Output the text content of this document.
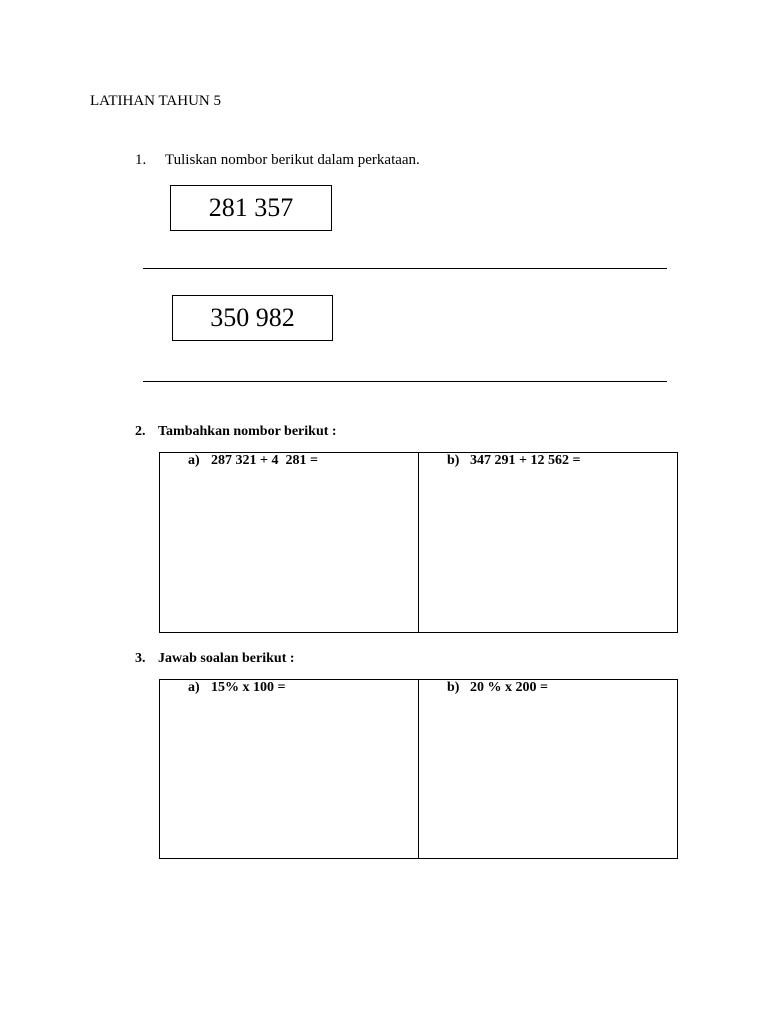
LATIHAN TAHUN 5
1. Tuliskan nombor berikut dalam perkataan.
281 357
350 982
2. Tambahkan nombor berikut :
a) 287 321 + 4  281 =	b) 347 291 + 12 562 =
3. Jawab soalan berikut :
a) 15% x 100 =	b) 20 % x 200 =
